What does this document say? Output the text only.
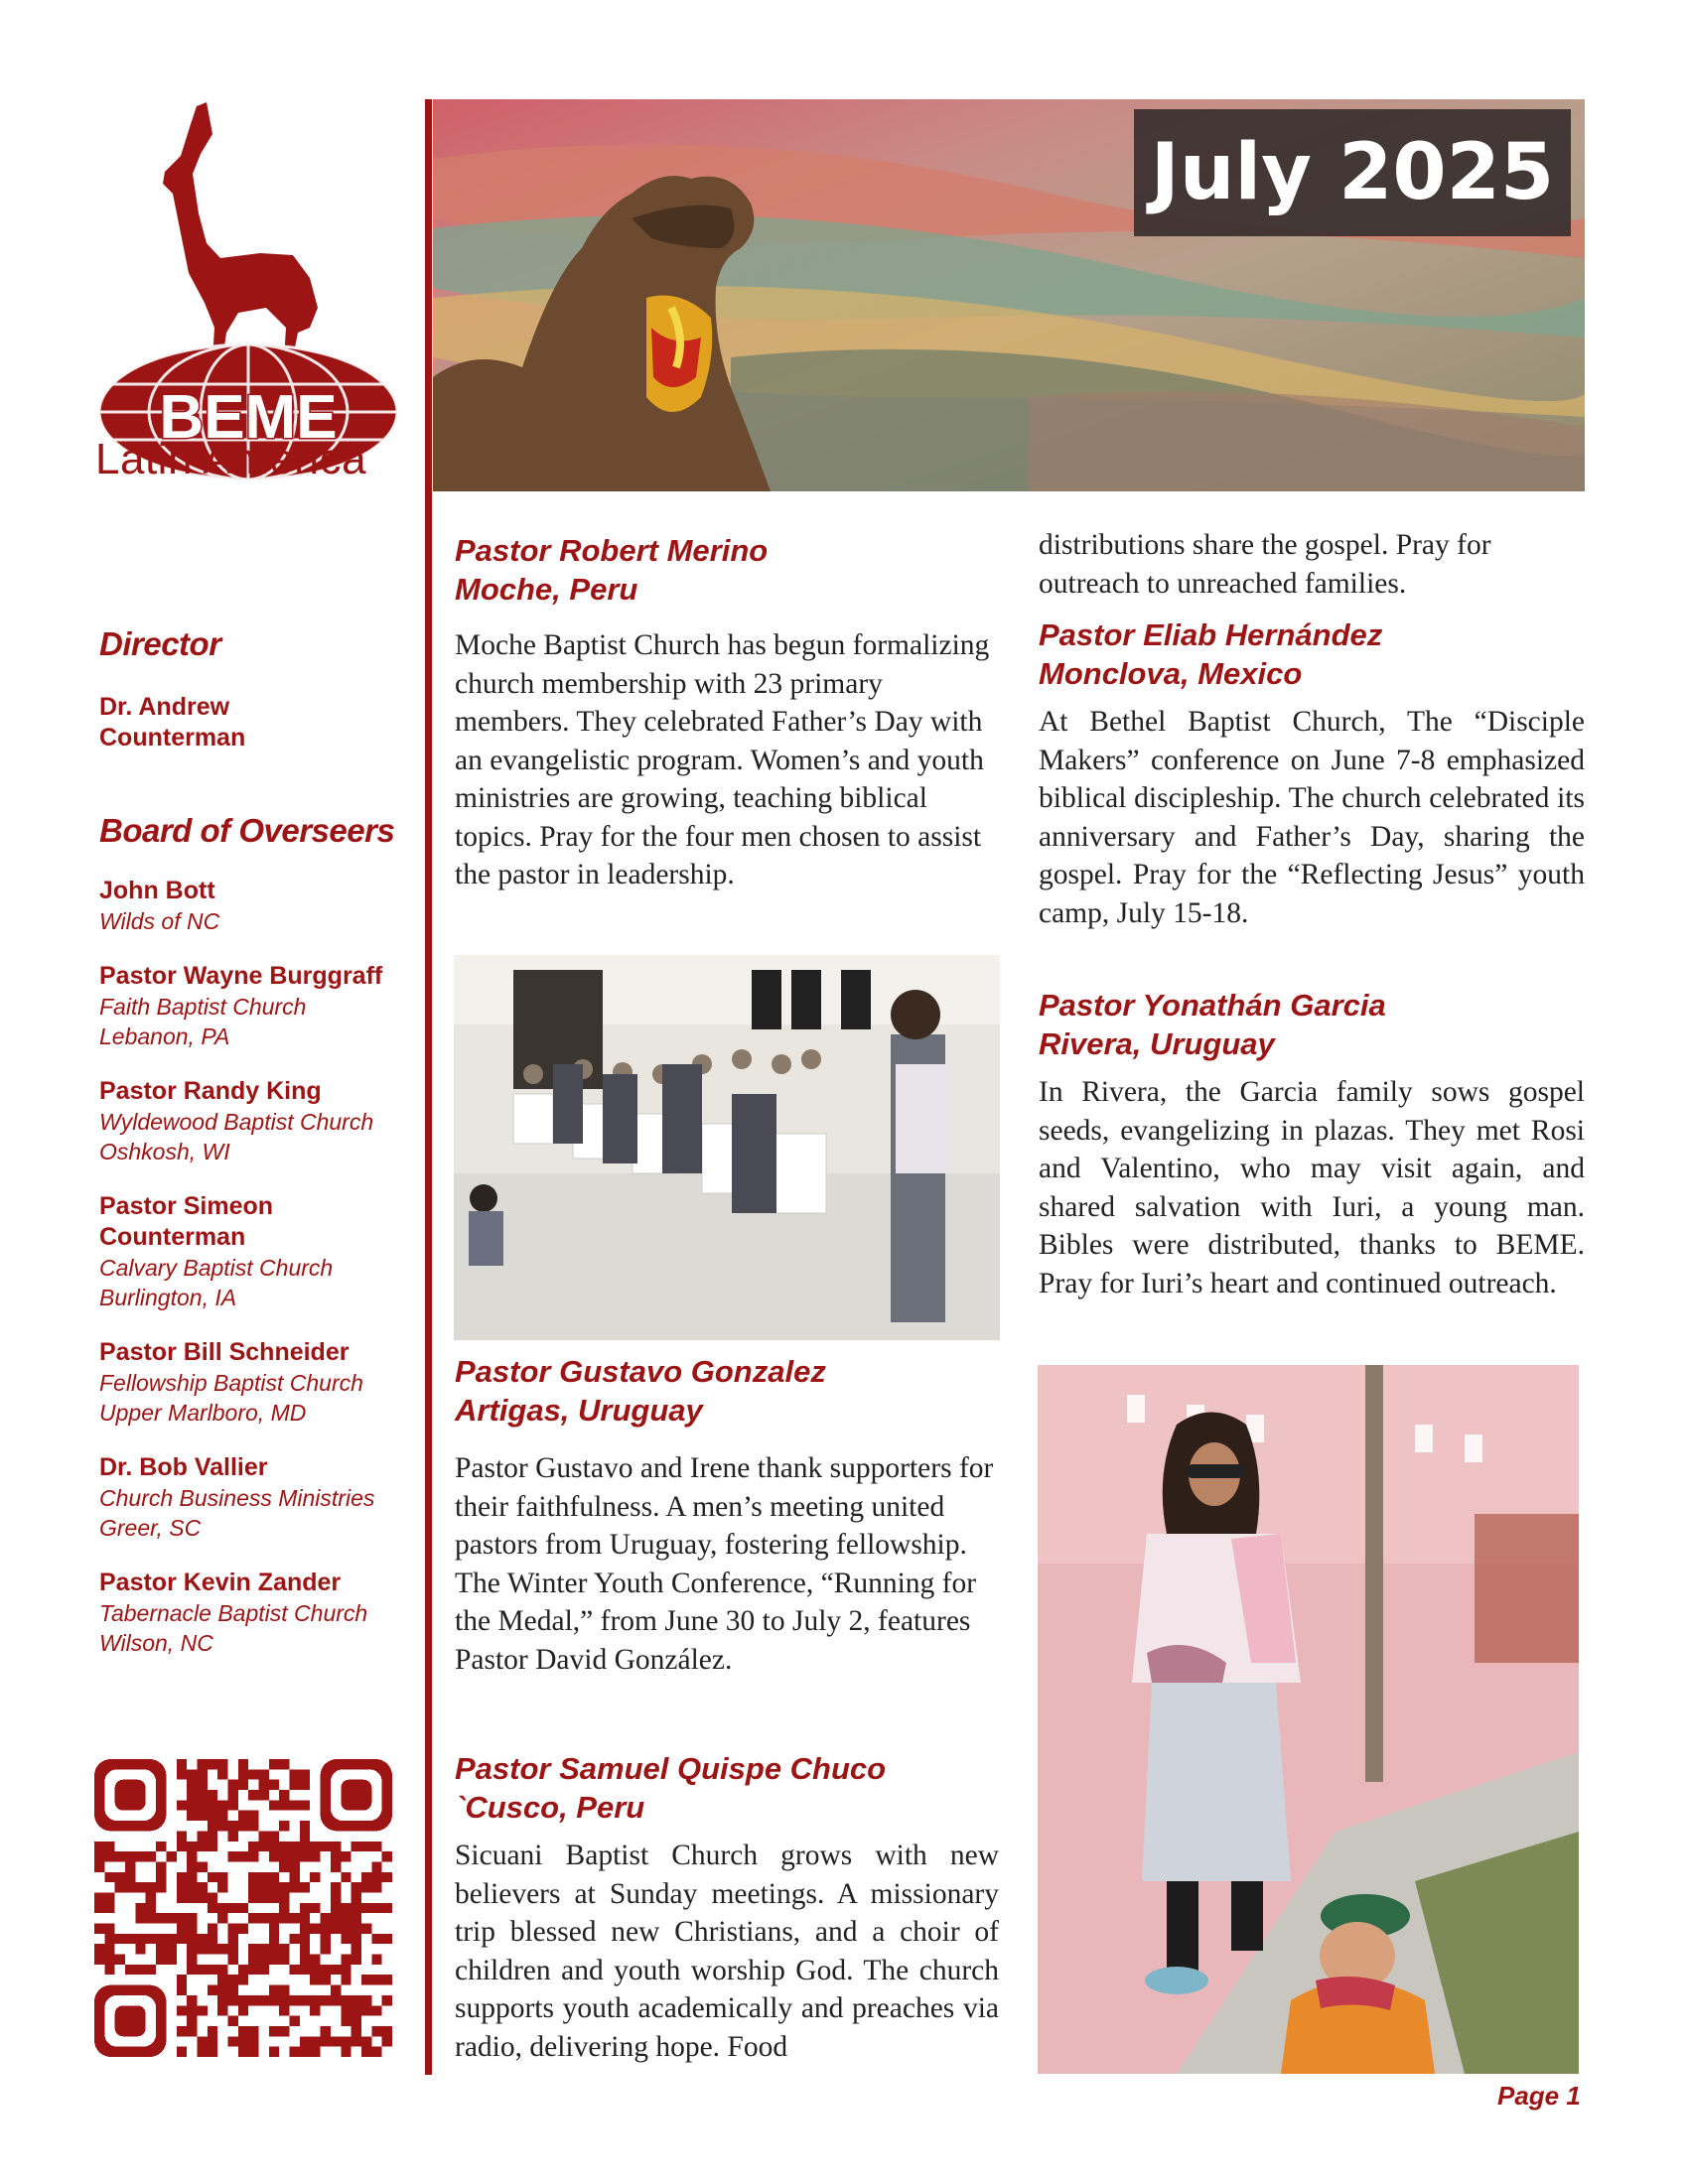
BEME
Latin America
Director
Dr. Andrew
Counterman
Board of Overseers
John Bott
Wilds of NC
Pastor Wayne Burggraff
Faith Baptist Church
Lebanon, PA
Pastor Randy King
Wyldewood Baptist Church
Oshkosh, WI
Pastor Simeon
Counterman
Calvary Baptist Church
Burlington, IA
Pastor Bill Schneider
Fellowship Baptist Church
Upper Marlboro, MD
Dr. Bob Vallier
Church Business Ministries
Greer, SC
Pastor Kevin Zander
Tabernacle Baptist Church
Wilson, NC
July 2025
Pastor Robert Merino
Moche, Peru

Moche Baptist Church has begun formalizing church membership with 23 primary members. They celebrated Father’s Day with an evangelistic program. Women’s and youth ministries are growing, teaching biblical topics. Pray for the four men chosen to assist the pastor in leadership.

Pastor Gustavo Gonzalez
Artigas, Uruguay

Pastor Gustavo and Irene thank supporters for their faithfulness. A men’s meeting united pastors from Uruguay, fostering fellowship. The Winter Youth Conference, “Running for the Medal,” from June 30 to July 2, features Pastor David González.

Pastor Samuel Quispe Chuco
`Cusco, Peru

Sicuani Baptist Church grows with new believers at Sunday meetings. A missionary trip blessed new Christians, and a choir of children and youth worship God. The church supports youth academically and preaches via radio, delivering hope. Food

distributions share the gospel. Pray for outreach to unreached families.

Pastor Eliab Hernández
Monclova, Mexico

At Bethel Baptist Church, The “Disciple Makers” conference on June 7-8 emphasized biblical discipleship. The church celebrated its anniversary and Father’s Day, sharing the gospel. Pray for the “Reflecting Jesus” youth camp, July 15-18.

Pastor Yonathán Garcia
Rivera, Uruguay

In Rivera, the Garcia family sows gospel seeds, evangelizing in plazas. They met Rosi and Valentino, who may visit again, and shared salvation with Iuri, a young man. Bibles were distributed, thanks to BEME. Pray for Iuri’s heart and continued outreach.

Page 1
